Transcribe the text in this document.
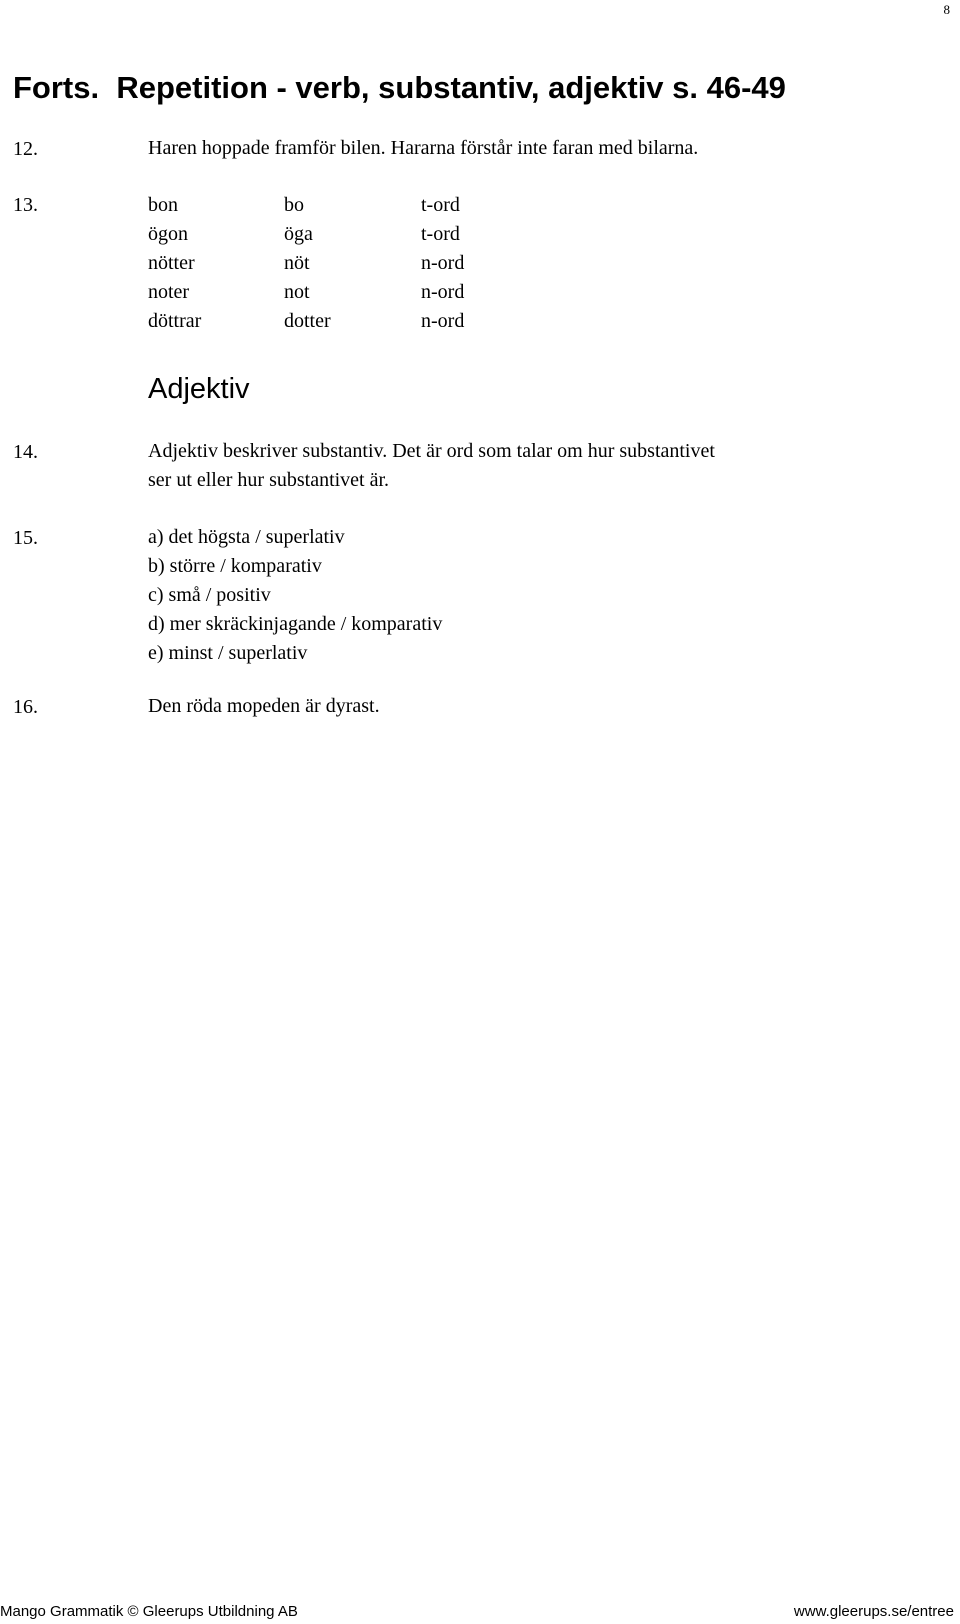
8
Forts.  Repetition - verb, substantiv, adjektiv s. 46-49
12.	Haren hoppade framför bilen. Hararna förstår inte faran med bilarna.
13.	bon	bo	t-ord
ögon	öga	t-ord
nötter	nöt	n-ord
noter	not	n-ord
döttrar	dotter	n-ord
Adjektiv
14.	Adjektiv beskriver substantiv. Det är ord som talar om hur substantivet
ser ut eller hur substantivet är.
15.	a) det högsta / superlativ
b) större / komparativ
c) små / positiv
d) mer skräckinjagande / komparativ
e) minst / superlativ
16.	Den röda mopeden är dyrast.
Mango Grammatik © Gleerups Utbildning AB	www.gleerups.se/entree
